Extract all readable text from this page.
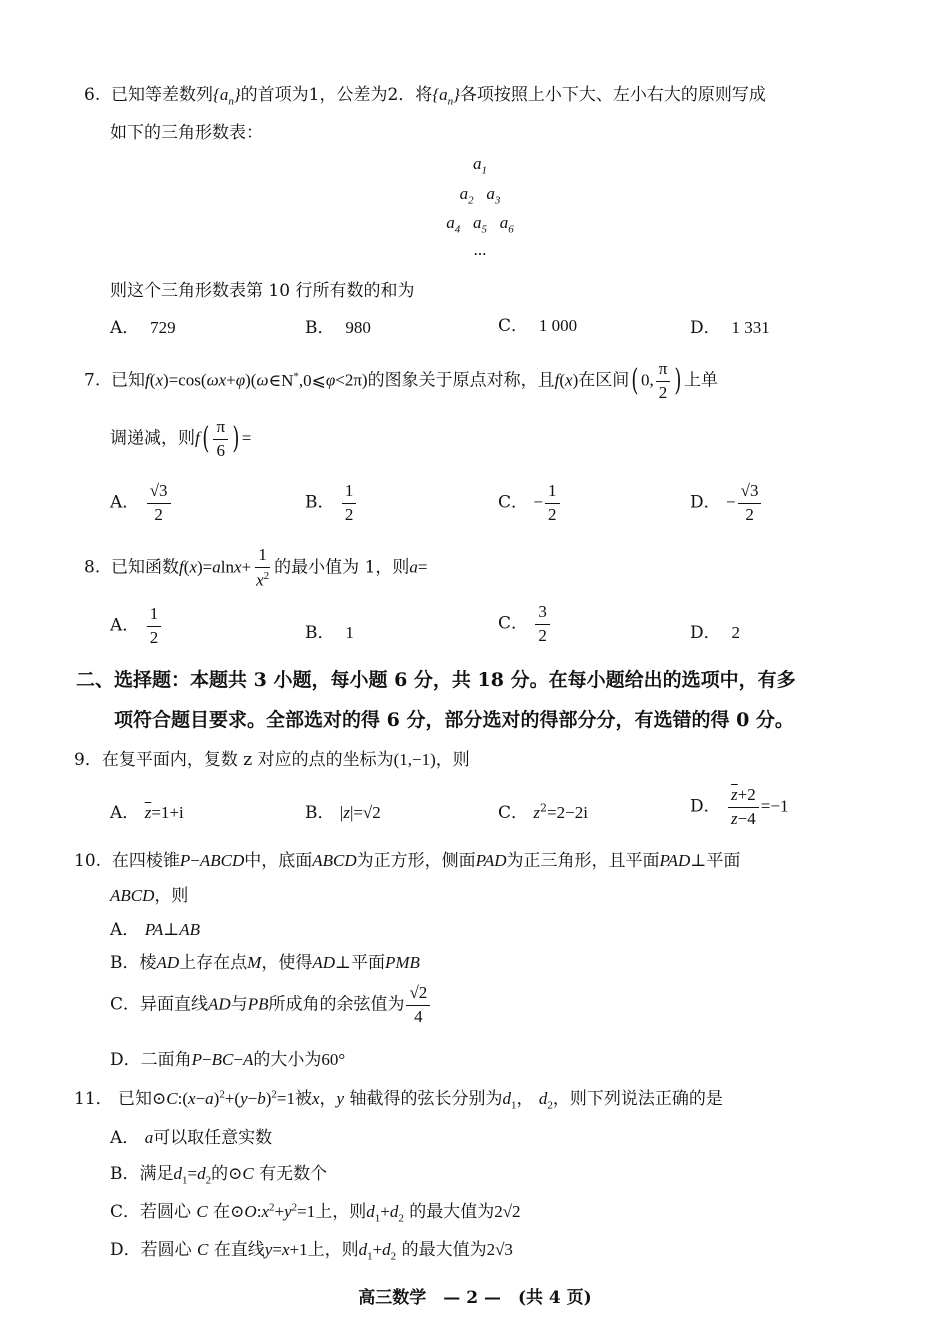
6. 已知等差数列$\{a_n\}$的首项为1，公差为2．将$\{a_n\}$各项按照上小下大、左小右大的原则写成
如下的三角形数表：
$a_1$
$a_2$   $a_3$
$a_4$   $a_5$   $a_6$
...
则这个三角形数表第 10 行所有数的和为
A． 729	B． 980	C． 1 000	D． 1 331
7. 已知f(x)=cos(ωx+φ)(ω∈N*,0⩽φ<2π)的图象关于原点对称，且f(x)在区间( 0, $\frac{\pi}{2}$ ) 上单
调递减，则$f( \frac{\pi}{6}$ ) =
A． $\frac{√3}{2}$	B． $\frac{1}{2}$	C． − $\frac{1}{2}$	D． − $\frac{√3}{2}$
8. 已知函数$f(x)=alnx+ \frac{1}{x^2}$ 的最小值为 1，则a=
A． $\frac{1}{2}$	B． 1	C． $\frac{3}{2}$	D． 2
二、选择题：本题共 3 小题，每小题 6 分，共 18 分。在每小题给出的选项中，有多
项符合题目要求。全部选对的得 6 分，部分选对的得部分分，有选错的得 0 分。
9．在复平面内，复数 z 对应的点的坐标为(1,−1)，则
A． $\overline{z}=1+i$	B． |z|=√2	C． $z^2=2-2i$	D． $\frac{\overline{z}+2}{z-4} =-1$
10. 在四棱锥P−ABCD中，底面ABCD为正方形，侧面PAD为正三角形，且平面PAD⊥平面
ABCD，则
A． PA⊥AB
B．棱AD上存在点M，使得AD⊥平面PMB
C．异面直线AD与PB所成角的余弦值为 $\frac{√2}{4}$
D．二面角P−BC−A的大小为60°
11． 已知$⊙C:(x-a)^2+(y-b)^2=1$被x，y 轴截得的弦长分别为$d_1$， $d_2$，则下列说法正确的是
A． a可以取任意实数
B．满足$d_1=d_2$的⊙C 有无数个
C．若圆心 C 在$⊙O:x^2+y^2=1$上，则$d_1+d_2$ 的最大值为2√2
D．若圆心 C 在直线y=x+1上，则$d_1+d_2$ 的最大值为2√3
高三数学　— 2 —　(共 4 页)
